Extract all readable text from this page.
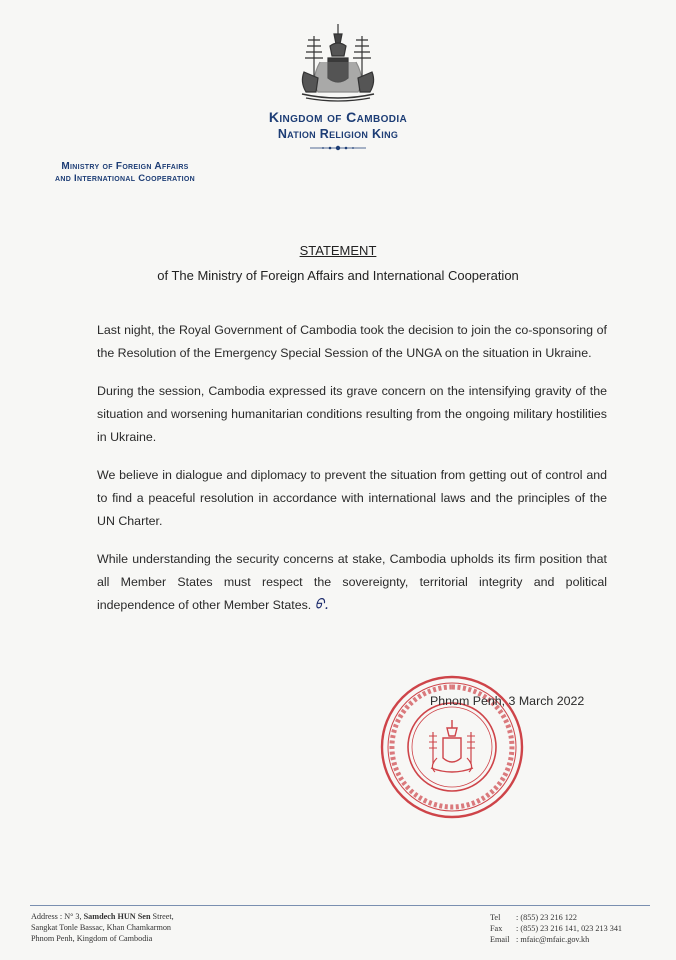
Kingdom of Cambodia
Nation Religion King
Ministry of Foreign Affairs
and International Cooperation
STATEMENT
of The Ministry of Foreign Affairs and International Cooperation

Last night, the Royal Government of Cambodia took the decision to join the co-sponsoring of the Resolution of the Emergency Special Session of the UNGA on the situation in Ukraine.

During the session, Cambodia expressed its grave concern on the intensifying gravity of the situation and worsening humanitarian conditions resulting from the ongoing military hostilities in Ukraine.

We believe in dialogue and diplomacy to prevent the situation from getting out of control and to find a peaceful resolution in accordance with international laws and the principles of the UN Charter.

While understanding the security concerns at stake, Cambodia upholds its firm position that all Member States must respect the sovereignty, territorial integrity and political independence of other Member States. ᠪ.

Phnom Penh, 3 March 2022
Address : N° 3, Samdech HUN Sen Street,
Sangkat Tonle Bassac, Khan Chamkarmon
Phnom Penh, Kingdom of Cambodia
Tel : (855) 23 216 122
Fax : (855) 23 216 141, 023 213 341
Email : mfaic@mfaic.gov.kh
